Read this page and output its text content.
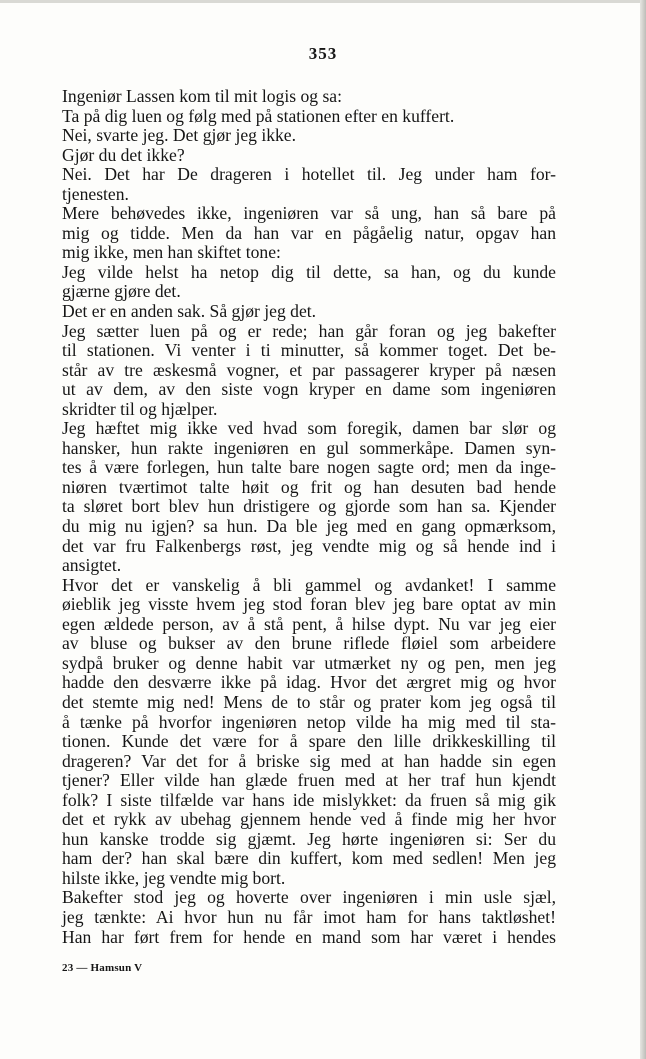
353
Ingeniør Lassen kom til mit logis og sa:
Ta på dig luen og følg med på stationen efter en kuffert.
Nei, svarte jeg. Det gjør jeg ikke.
Gjør du det ikke?
Nei. Det har De drageren i hotellet til. Jeg under ham for-
tjenesten.
Mere behøvedes ikke, ingeniøren var så ung, han så bare på
mig og tidde. Men da han var en pågåelig natur, opgav han
mig ikke, men han skiftet tone:
Jeg vilde helst ha netop dig til dette, sa han, og du kunde
gjærne gjøre det.
Det er en anden sak. Så gjør jeg det.
Jeg sætter luen på og er rede; han går foran og jeg bakefter
til stationen. Vi venter i ti minutter, så kommer toget. Det be-
står av tre æskesmå vogner, et par passagerer kryper på næsen
ut av dem, av den siste vogn kryper en dame som ingeniøren
skridter til og hjælper.
Jeg hæftet mig ikke ved hvad som foregik, damen bar slør og
hansker, hun rakte ingeniøren en gul sommerkåpe. Damen syn-
tes å være forlegen, hun talte bare nogen sagte ord; men da inge-
niøren tværtimot talte høit og frit og han desuten bad hende
ta sløret bort blev hun dristigere og gjorde som han sa. Kjender
du mig nu igjen? sa hun. Da ble jeg med en gang opmærksom,
det var fru Falkenbergs røst, jeg vendte mig og så hende ind i
ansigtet.
Hvor det er vanskelig å bli gammel og avdanket! I samme
øieblik jeg visste hvem jeg stod foran blev jeg bare optat av min
egen ældede person, av å stå pent, å hilse dypt. Nu var jeg eier
av bluse og bukser av den brune riflede fløiel som arbeidere
sydpå bruker og denne habit var utmærket ny og pen, men jeg
hadde den desværre ikke på idag. Hvor det ærgret mig og hvor
det stemte mig ned! Mens de to står og prater kom jeg også til
å tænke på hvorfor ingeniøren netop vilde ha mig med til sta-
tionen. Kunde det være for å spare den lille drikkeskilling til
drageren? Var det for å briske sig med at han hadde sin egen
tjener? Eller vilde han glæde fruen med at her traf hun kjendt
folk? I siste tilfælde var hans ide mislykket: da fruen så mig gik
det et rykk av ubehag gjennem hende ved å finde mig her hvor
hun kanske trodde sig gjæmt. Jeg hørte ingeniøren si: Ser du
ham der? han skal bære din kuffert, kom med sedlen! Men jeg
hilste ikke, jeg vendte mig bort.
Bakefter stod jeg og hoverte over ingeniøren i min usle sjæl,
jeg tænkte: Ai hvor hun nu får imot ham for hans taktløshet!
Han har ført frem for hende en mand som har været i hendes
23 — Hamsun V
